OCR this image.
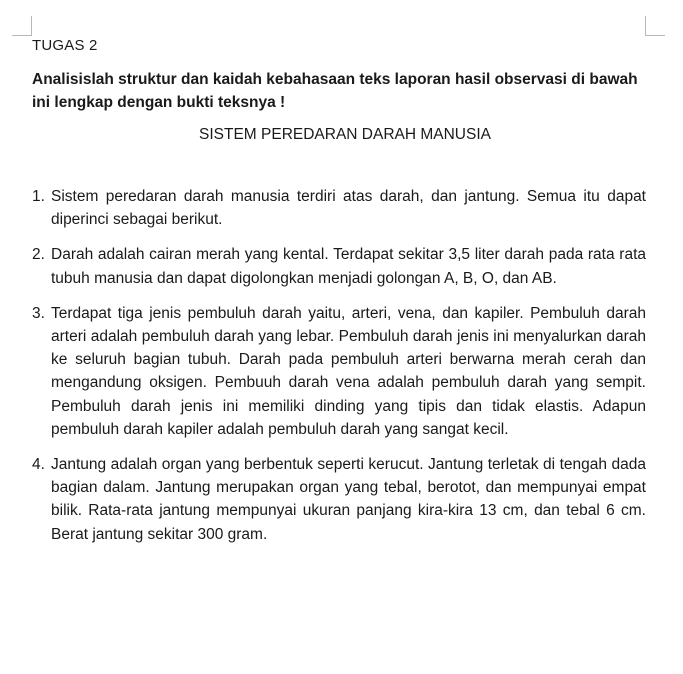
TUGAS 2
Analisislah struktur dan kaidah kebahasaan teks laporan hasil observasi di bawah ini lengkap dengan bukti teksnya !
SISTEM PEREDARAN DARAH MANUSIA
1. Sistem peredaran darah manusia terdiri atas darah, dan jantung. Semua itu dapat diperinci sebagai berikut.
2. Darah adalah cairan merah yang kental. Terdapat sekitar 3,5 liter darah pada rata rata tubuh manusia dan dapat digolongkan menjadi golongan A, B, O, dan AB.
3. Terdapat tiga jenis pembuluh darah yaitu, arteri, vena, dan kapiler. Pembuluh darah arteri adalah pembuluh darah yang lebar. Pembuluh darah jenis ini menyalurkan darah ke seluruh bagian tubuh. Darah pada pembuluh arteri berwarna merah cerah dan mengandung oksigen. Pembuuh darah vena adalah pembuluh darah yang sempit. Pembuluh darah jenis ini memiliki dinding yang tipis dan tidak elastis. Adapun pembuluh darah kapiler adalah pembuluh darah yang sangat kecil.
4. Jantung adalah organ yang berbentuk seperti kerucut. Jantung terletak di tengah dada bagian dalam. Jantung merupakan organ yang tebal, berotot, dan mempunyai empat bilik. Rata-rata jantung mempunyai ukuran panjang kira-kira 13 cm, dan tebal 6 cm. Berat jantung sekitar 300 gram.
